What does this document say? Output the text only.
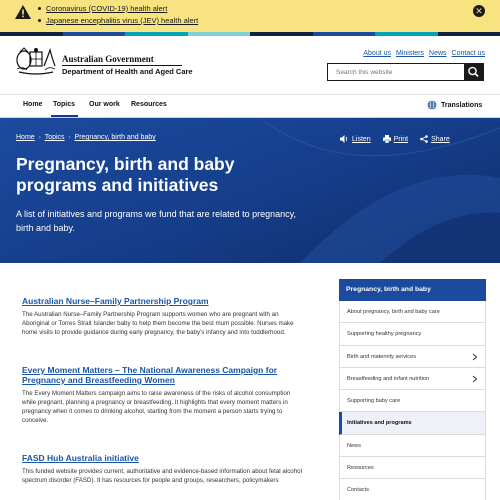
Coronavirus (COVID-19) health alert
Japanese encephalitis virus (JEV) health alert
✕
Australian Government
Department of Health and Aged Care
About us Ministers News Contact us
Search this website
Home Topics Our work Resources	Translations
Home › Topics › Pregnancy, birth and baby	Listen	Print	Share
Pregnancy, birth and baby programs and initiatives

A list of initiatives and programs we fund that are related to pregnancy, birth and baby.

Australian Nurse–Family Partnership Program

The Australian Nurse–Family Partnership Program supports women who are pregnant with an Aboriginal or Torres Strait Islander baby to help them become the best mum possible. Nurses make home visits to provide guidance during early pregnancy, the baby's infancy and into toddlerhood.

Every Moment Matters – The National Awareness Campaign for Pregnancy and Breastfeeding Women

The Every Moment Matters campaign aims to raise awareness of the risks of alcohol consumption while pregnant, planning a pregnancy or breastfeeding. It highlights that every moment matters in pregnancy when it comes to drinking alcohol, starting from the moment a person starts trying to conceive.

FASD Hub Australia initiative

This funded website provides current, authoritative and evidence-based information about fetal alcohol spectrum disorder (FASD). It has resources for people and groups, researchers, policymakers

Pregnancy, birth and baby
About pregnancy, birth and baby care
Supporting healthy pregnancy
Birth and maternity services
Breastfeeding and infant nutrition
Supporting baby care
Initiatives and programs
News
Resources
Contacts
